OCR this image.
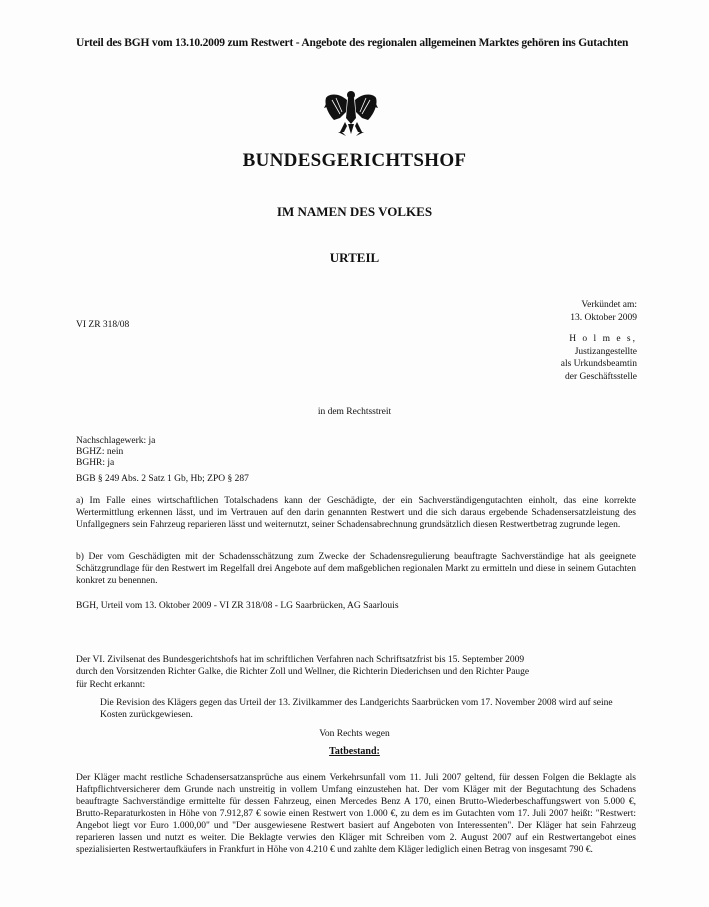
Urteil des BGH vom 13.10.2009 zum Restwert - Angebote des regionalen allgemeinen Marktes gehören ins Gutachten
BUNDESGERICHTSHOF
IM NAMEN DES VOLKES
URTEIL
Verkündet am:
13. Oktober 2009
VI ZR 318/08
H o l m e s,
Justizangestellte
als Urkundsbeamtin
der Geschäftsstelle
in dem Rechtsstreit
Nachschlagewerk: ja
BGHZ: nein
BGHR: ja
BGB § 249 Abs. 2 Satz 1 Gb, Hb; ZPO § 287
a) Im Falle eines wirtschaftlichen Totalschadens kann der Geschädigte, der ein Sachverständigengutachten einholt, das eine korrekte Wertermittlung erkennen lässt, und im Vertrauen auf den darin genannten Restwert und die sich daraus ergebende Schadensersatzleistung des Unfallgegners sein Fahrzeug reparieren lässt und weiternutzt, seiner Schadensabrechnung grundsätzlich diesen Restwertbetrag zugrunde legen.
b) Der vom Geschädigten mit der Schadensschätzung zum Zwecke der Schadensregulierung beauftragte Sachverständige hat als geeignete Schätzgrundlage für den Restwert im Regelfall drei Angebote auf dem maßgeblichen regionalen Markt zu ermitteln und diese in seinem Gutachten konkret zu benennen.
BGH, Urteil vom 13. Oktober 2009 - VI ZR 318/08 - LG Saarbrücken, AG Saarlouis
Der VI. Zivilsenat des Bundesgerichtshofs hat im schriftlichen Verfahren nach Schriftsatzfrist bis 15. September 2009
durch den Vorsitzenden Richter Galke, die Richter Zoll und Wellner, die Richterin Diederichsen und den Richter Pauge
für Recht erkannt:
Die Revision des Klägers gegen das Urteil der 13. Zivilkammer des Landgerichts Saarbrücken vom 17. November 2008 wird auf seine Kosten zurückgewiesen.
Von Rechts wegen
Tatbestand:
Der Kläger macht restliche Schadensersatzansprüche aus einem Verkehrsunfall vom 11. Juli 2007 geltend, für dessen Folgen die Beklagte als Haftpflichtversicherer dem Grunde nach unstreitig in vollem Umfang einzustehen hat. Der vom Kläger mit der Begutachtung des Schadens beauftragte Sachverständige ermittelte für dessen Fahrzeug, einen Mercedes Benz A 170, einen Brutto-Wiederbeschaffungswert von 5.000 €, Brutto-Reparaturkosten in Höhe von 7.912,87 € sowie einen Restwert von 1.000 €, zu dem es im Gutachten vom 17. Juli 2007 heißt: "Restwert: Angebot liegt vor Euro 1.000,00" und "Der ausgewiesene Restwert basiert auf Angeboten von Interessenten". Der Kläger hat sein Fahrzeug reparieren lassen und nutzt es weiter. Die Beklagte verwies den Kläger mit Schreiben vom 2. August 2007 auf ein Restwertangebot eines spezialisierten Restwertaufkäufers in Frankfurt in Höhe von 4.210 € und zahlte dem Kläger lediglich einen Betrag von insgesamt 790 €.
